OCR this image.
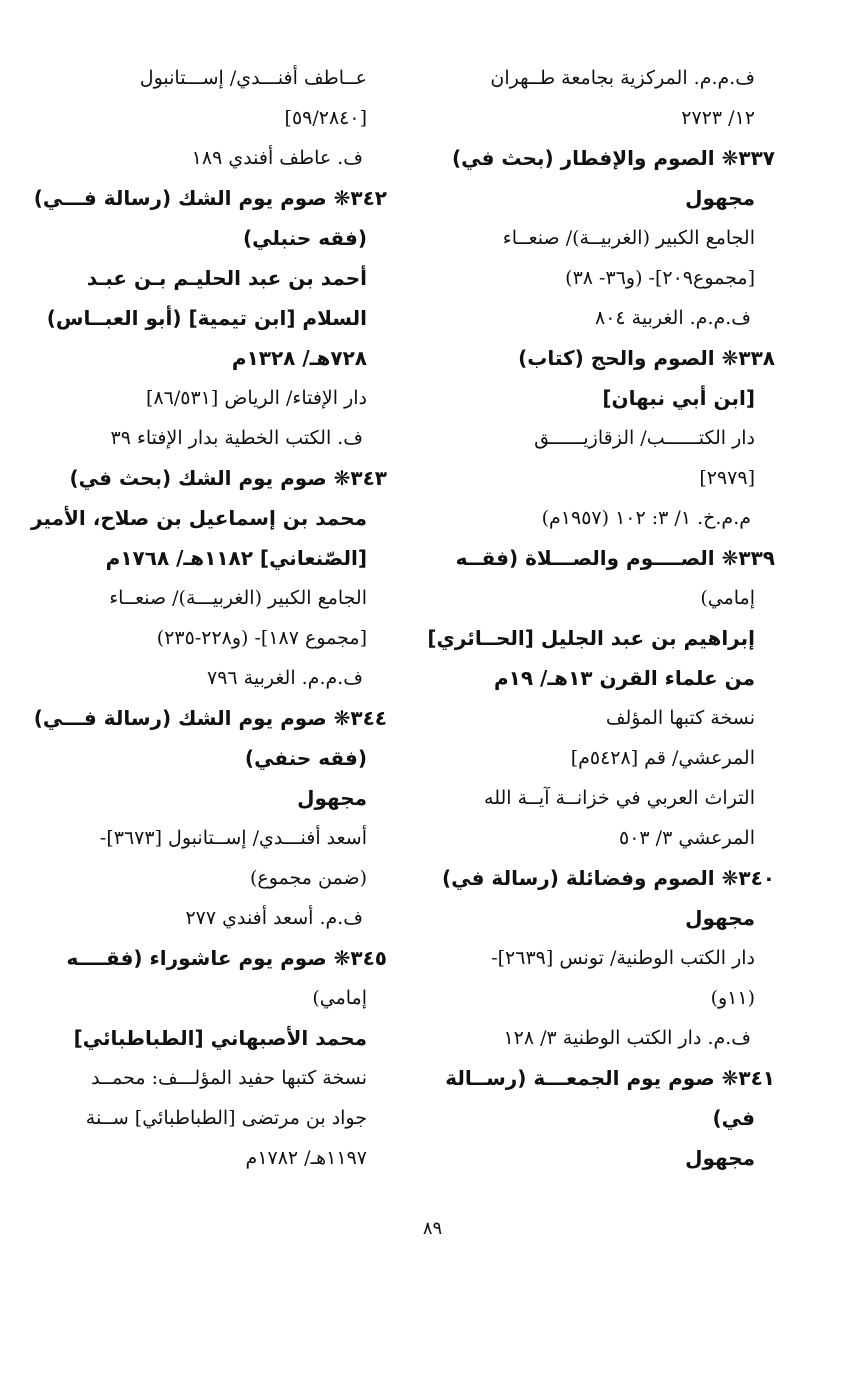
ف.م.م. المركزية بجامعة طــهران
١٢/ ٢٧٢٣
٣٣٧❋ الصوم والإفطار (بحث في)
مجهول
الجامع الكبير (الغربيــة)/ صنعــاء
[مجموع٢٠٩]- (و٣٦- ٣٨)
ف.م.م. الغربية ٨٠٤
٣٣٨❋ الصوم والحج (كتاب)
[ابن أبي نبهان]
دار الكتــــــب/ الزقازيــــــق
[٢٩٧٩]
م.م.خ. ١/ ٣: ١٠٢ (١٩٥٧م)
٣٣٩❋ الصــــوم والصـــلاة (فقــه
إمامي)
إبراهيم بن عبد الجليل [الحــائري]
من علماء القرن ١٣هـ/ ١٩م
نسخة كتبها المؤلف
المرعشي/ قم [٥٤٢٨م]
التراث العربي في خزانــة آيــة الله
المرعشي ٣/ ٥٠٣
٣٤٠❋ الصوم وفضائلة (رسالة في)
مجهول
دار الكتب الوطنية/ تونس [٢٦٣٩]-
(١١و)
ف.م. دار الكتب الوطنية ٣/ ١٢٨
٣٤١❋ صوم يوم الجمعـــة (رســالة
في)
مجهول
عــاطف أفنـــدي/ إســـتانبول
[٥٩/٢٨٤٠]
ف. عاطف أفندي ١٨٩
٣٤٢❋ صوم يوم الشك (رسالة فـــي)
(فقه حنبلي)
أحمد بن عبد الحليـم بـن عبـد
السلام [ابن تيمية] (أبو العبــاس)
٧٢٨هـ/ ١٣٢٨م
دار الإفتاء/ الرياض [٨٦/٥٣١]
ف. الكتب الخطية بدار الإفتاء ٣٩
٣٤٣❋ صوم يوم الشك (بحث في)
محمد بن إسماعيل بن صلاح، الأمير
[الصّنعاني] ١١٨٢هـ/ ١٧٦٨م
الجامع الكبير (الغربيـــة)/ صنعــاء
[مجموع ١٨٧]- (و٢٢٨-٢٣٥)
ف.م.م. الغربية ٧٩٦
٣٤٤❋ صوم يوم الشك (رسالة فـــي)
(فقه حنفي)
مجهول
أسعد أفنـــدي/ إســتانبول [٣٦٧٣]-
(ضمن مجموع)
ف.م. أسعد أفندي ٢٧٧
٣٤٥❋ صوم يوم عاشوراء (فقــــه
إمامي)
محمد الأصبهاني [الطباطبائي]
نسخة كتبها حفيد المؤلـــف: محمــد
جواد بن مرتضى [الطباطبائي] ســنة
١١٩٧هـ/ ١٧٨٢م
٨٩
